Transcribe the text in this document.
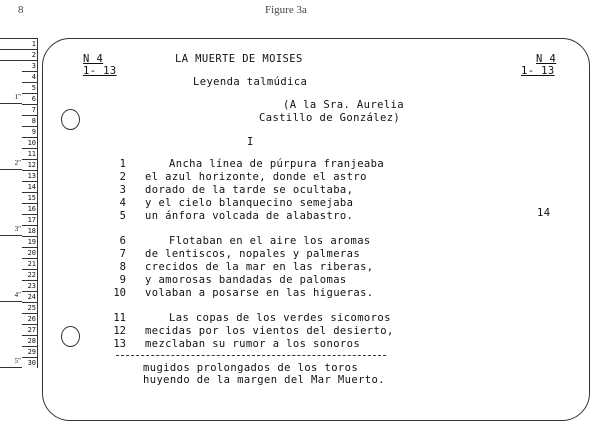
8	Figure 3a
1
2
3
4
5
6
7
8
9
10
11
12
13
14
15
16
17
18
19
20
21
22
23
24
25
26
27
28
29
30
1"
2"
3"
4"
5"
N 4
1- 13
N 4
1- 13
LA MUERTE DE MOISES
Leyenda talmúdica
(A la Sra. Aurelia
Castillo de González)
I
1	Ancha línea de púrpura franjeaba
2 el azul horizonte, donde el astro
3 dorado de la tarde se ocultaba,
4 y el cielo blanquecino semejaba
5 un ánfora volcada de alabastro.
6	Flotaban en el aire los aromas
7 de lentiscos, nopales y palmeras
8 crecidos de la mar en las riberas,
9 y amorosas bandadas de palomas
10 volaban a posarse en las higueras.
11	Las copas de los verdes sicomoros
12 mecidas por los vientos del desierto,
13 mezclaban su rumor a los sonoros
14
mugidos prolongados de los toros
huyendo de la margen del Mar Muerto.
